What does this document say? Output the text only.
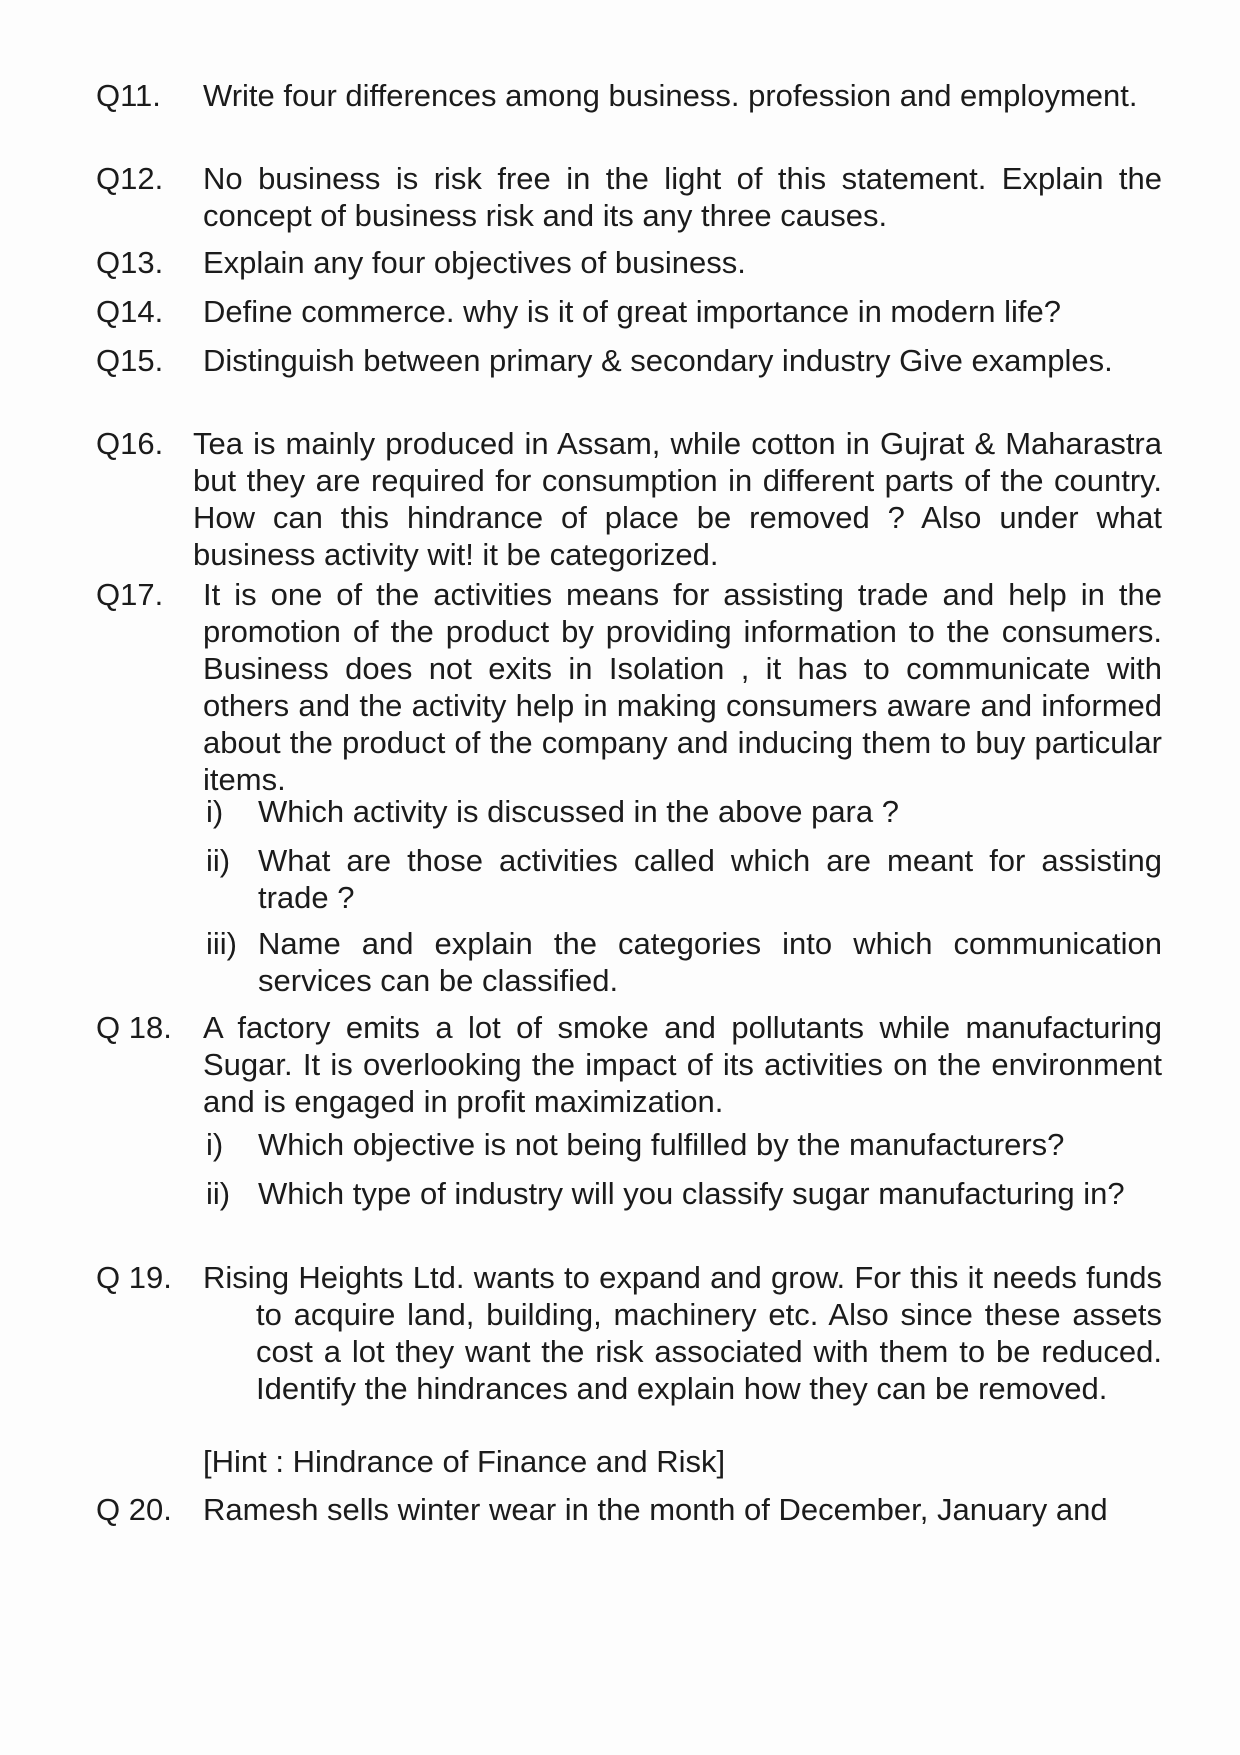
Q11. Write four differences among business. profession and employment.
Q12. No business is risk free in the light of this statement. Explain the concept of business risk and its any three causes.
Q13. Explain any four objectives of business.
Q14. Define commerce. why is it of great importance in modern life?
Q15. Distinguish between primary & secondary industry Give examples.
Q16. Tea is mainly produced in Assam, while cotton in Gujrat & Maharastra but they are required for consumption in different parts of the country. How can this hindrance of place be removed ? Also under what business activity wit! it be categorized.
Q17. It is one of the activities means for assisting trade and help in the promotion of the product by providing information to the consumers. Business does not exits in Isolation , it has to communicate with others and the activity help in making consumers aware and informed about the product of the company and inducing them to buy particular items.
i) Which activity is discussed in the above para ?
ii) What are those activities called which are meant for assisting trade ?
iii) Name and explain the categories into which communication services can be classified.
Q 18. A factory emits a lot of smoke and pollutants while manufacturing Sugar. It is overlooking the impact of its activities on the environment and is engaged in profit maximization.
i) Which objective is not being fulfilled by the manufacturers?
ii) Which type of industry will you classify sugar manufacturing in?
Q 19. Rising Heights Ltd. wants to expand and grow. For this it needs funds to acquire land, building, machinery etc. Also since these assets cost a lot they want the risk associated with them to be reduced. Identify the hindrances and explain how they can be removed.
[Hint : Hindrance of Finance and Risk]
Q 20. Ramesh sells winter wear in the month of December, January and
